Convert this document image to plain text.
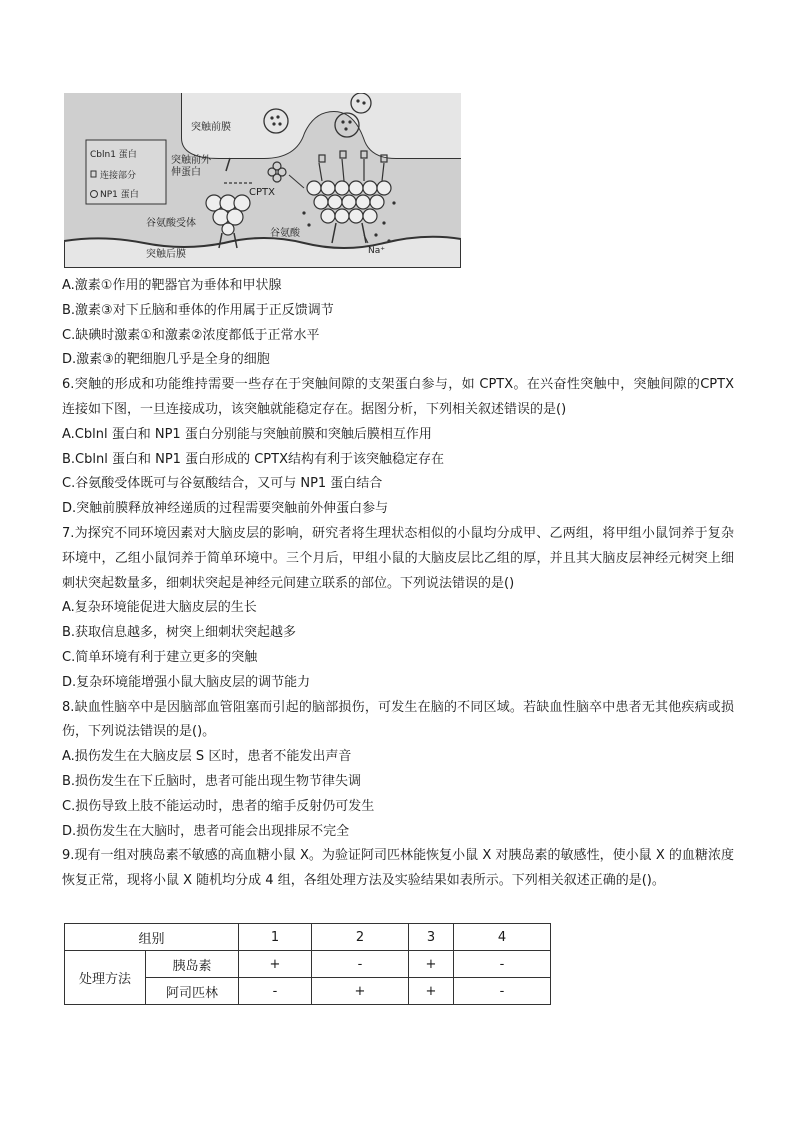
突触前膜
突触后膜
Cbln1 蛋白
连接部分
NP1 蛋白
突触前外
伸蛋白
CPTX
谷氨酸受体
谷氨酸
Na⁺
A.激素①作用的靶器官为垂体和甲状腺
B.激素③对下丘脑和垂体的作用属于正反馈调节
C.缺碘时激素①和激素②浓度都低于正常水平
D.激素③的靶细胞几乎是全身的细胞
6.突触的形成和功能维持需要一些存在于突触间隙的支架蛋白参与，如 CPTX。在兴奋性突触中，突触间隙的CPTX 连接如下图，一旦连接成功，该突触就能稳定存在。据图分析，下列相关叙述错误的是()
A.Cblnl 蛋白和 NP1 蛋白分别能与突触前膜和突触后膜相互作用
B.Cblnl 蛋白和 NP1 蛋白形成的 CPTX结构有利于该突触稳定存在
C.谷氨酸受体既可与谷氨酸结合，又可与 NP1 蛋白结合
D.突触前膜释放神经递质的过程需要突触前外伸蛋白参与
7.为探究不同环境因素对大脑皮层的影响，研究者将生理状态相似的小鼠均分成甲、乙两组，将甲组小鼠饲养于复杂环境中，乙组小鼠饲养于简单环境中。三个月后，甲组小鼠的大脑皮层比乙组的厚，并且其大脑皮层神经元树突上细刺状突起数量多，细刺状突起是神经元间建立联系的部位。下列说法错误的是()
A.复杂环境能促进大脑皮层的生长
B.获取信息越多，树突上细刺状突起越多
C.简单环境有利于建立更多的突触
D.复杂环境能增强小鼠大脑皮层的调节能力
8.缺血性脑卒中是因脑部血管阻塞而引起的脑部损伤，可发生在脑的不同区域。若缺血性脑卒中患者无其他疾病或损伤，下列说法错误的是()。
A.损伤发生在大脑皮层 S 区时，患者不能发出声音
B.损伤发生在下丘脑时，患者可能出现生物节律失调
C.损伤导致上肢不能运动时，患者的缩手反射仍可发生
D.损伤发生在大脑时，患者可能会出现排尿不完全
9.现有一组对胰岛素不敏感的高血糖小鼠 X。为验证阿司匹林能恢复小鼠 X 对胰岛素的敏感性，使小鼠 X 的血糖浓度恢复正常，现将小鼠 X 随机均分成 4 组，各组处理方法及实验结果如表所示。下列相关叙述正确的是()。
组别		1	2	3	4
处理方法	胰岛素	+	-	+	-
	阿司匹林	-	+	+	-
